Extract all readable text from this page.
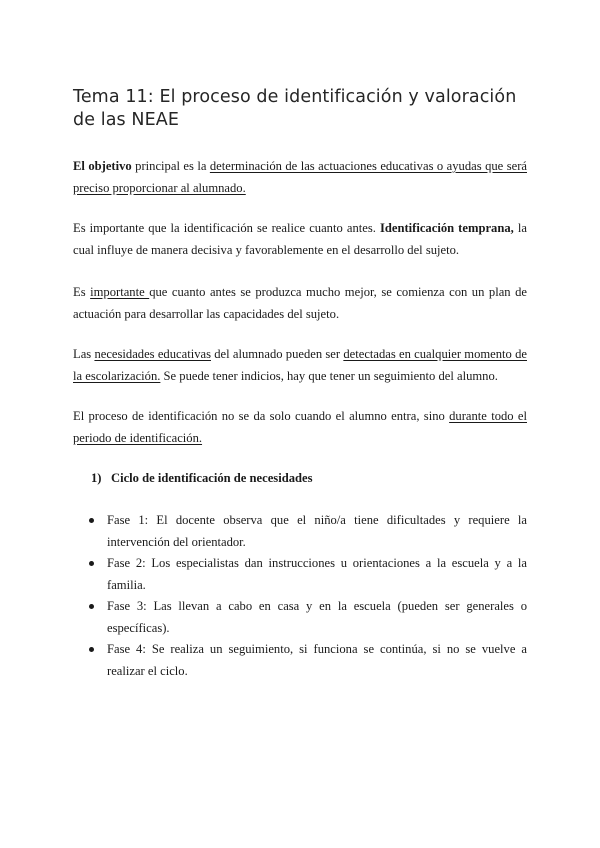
Tema 11: El proceso de identificación y valoración de las NEAE

El objetivo principal es la determinación de las actuaciones educativas o ayudas que será preciso proporcionar al alumnado.

Es importante que la identificación se realice cuanto antes. Identificación temprana, la cual influye de manera decisiva y favorablemente en el desarrollo del sujeto.

Es importante que cuanto antes se produzca mucho mejor, se comienza con un plan de actuación para desarrollar las capacidades del sujeto.

Las necesidades educativas del alumnado pueden ser detectadas en cualquier momento de la escolarización. Se puede tener indicios, hay que tener un seguimiento del alumno.

El proceso de identificación no se da solo cuando el alumno entra, sino durante todo el periodo de identificación.

1) Ciclo de identificación de necesidades
Fase 1: El docente observa que el niño/a tiene dificultades y requiere la intervención del orientador.
Fase 2: Los especialistas dan instrucciones u orientaciones a la escuela y a la familia.
Fase 3: Las llevan a cabo en casa y en la escuela (pueden ser generales o específicas).
Fase 4: Se realiza un seguimiento, si funciona se continúa, si no se vuelve a realizar el ciclo.
